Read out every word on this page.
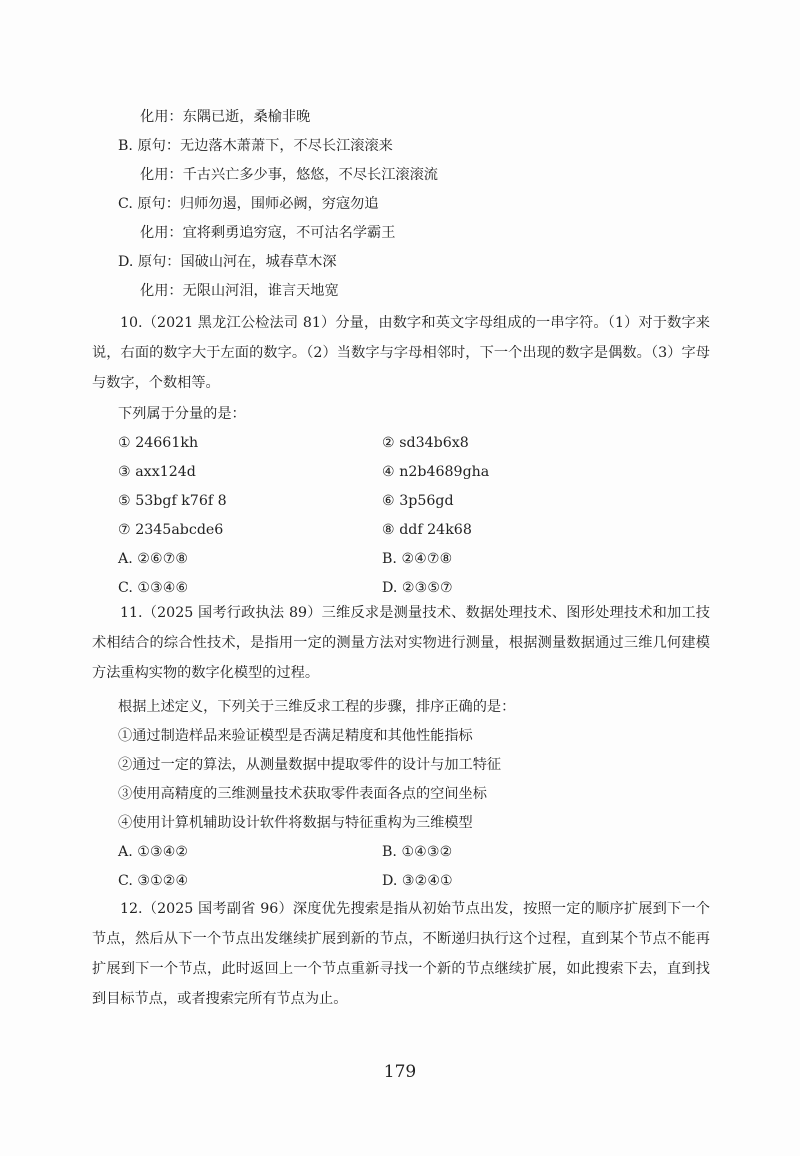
化用：东隅已逝，桑榆非晚
B. 原句：无边落木萧萧下，不尽长江滚滚来
化用：千古兴亡多少事，悠悠，不尽长江滚滚流
C. 原句：归师勿遏，围师必阙，穷寇勿追
化用：宜将剩勇追穷寇，不可沽名学霸王
D. 原句：国破山河在，城春草木深
化用：无限山河泪，谁言天地宽
10.（2021 黑龙江公检法司 81）分量，由数字和英文字母组成的一串字符。（1）对于数字来说，右面的数字大于左面的数字。（2）当数字与字母相邻时，下一个出现的数字是偶数。（3）字母与数字，个数相等。
下列属于分量的是：
① 24661kh	② sd34b6x8
③ axx124d	④ n2b4689gha
⑤ 53bgf k76f 8	⑥ 3p56gd
⑦ 2345abcde6	⑧ ddf 24k68
A. ②⑥⑦⑧	B. ②④⑦⑧
C. ①③④⑥	D. ②③⑤⑦
11.（2025 国考行政执法 89）三维反求是测量技术、数据处理技术、图形处理技术和加工技术相结合的综合性技术，是指用一定的测量方法对实物进行测量，根据测量数据通过三维几何建模方法重构实物的数字化模型的过程。
根据上述定义，下列关于三维反求工程的步骤，排序正确的是：
①通过制造样品来验证模型是否满足精度和其他性能指标
②通过一定的算法，从测量数据中提取零件的设计与加工特征
③使用高精度的三维测量技术获取零件表面各点的空间坐标
④使用计算机辅助设计软件将数据与特征重构为三维模型
A. ①③④②	B. ①④③②
C. ③①②④	D. ③②④①
12.（2025 国考副省 96）深度优先搜索是指从初始节点出发，按照一定的顺序扩展到下一个节点，然后从下一个节点出发继续扩展到新的节点，不断递归执行这个过程，直到某个节点不能再扩展到下一个节点，此时返回上一个节点重新寻找一个新的节点继续扩展，如此搜索下去，直到找到目标节点，或者搜索完所有节点为止。
179
